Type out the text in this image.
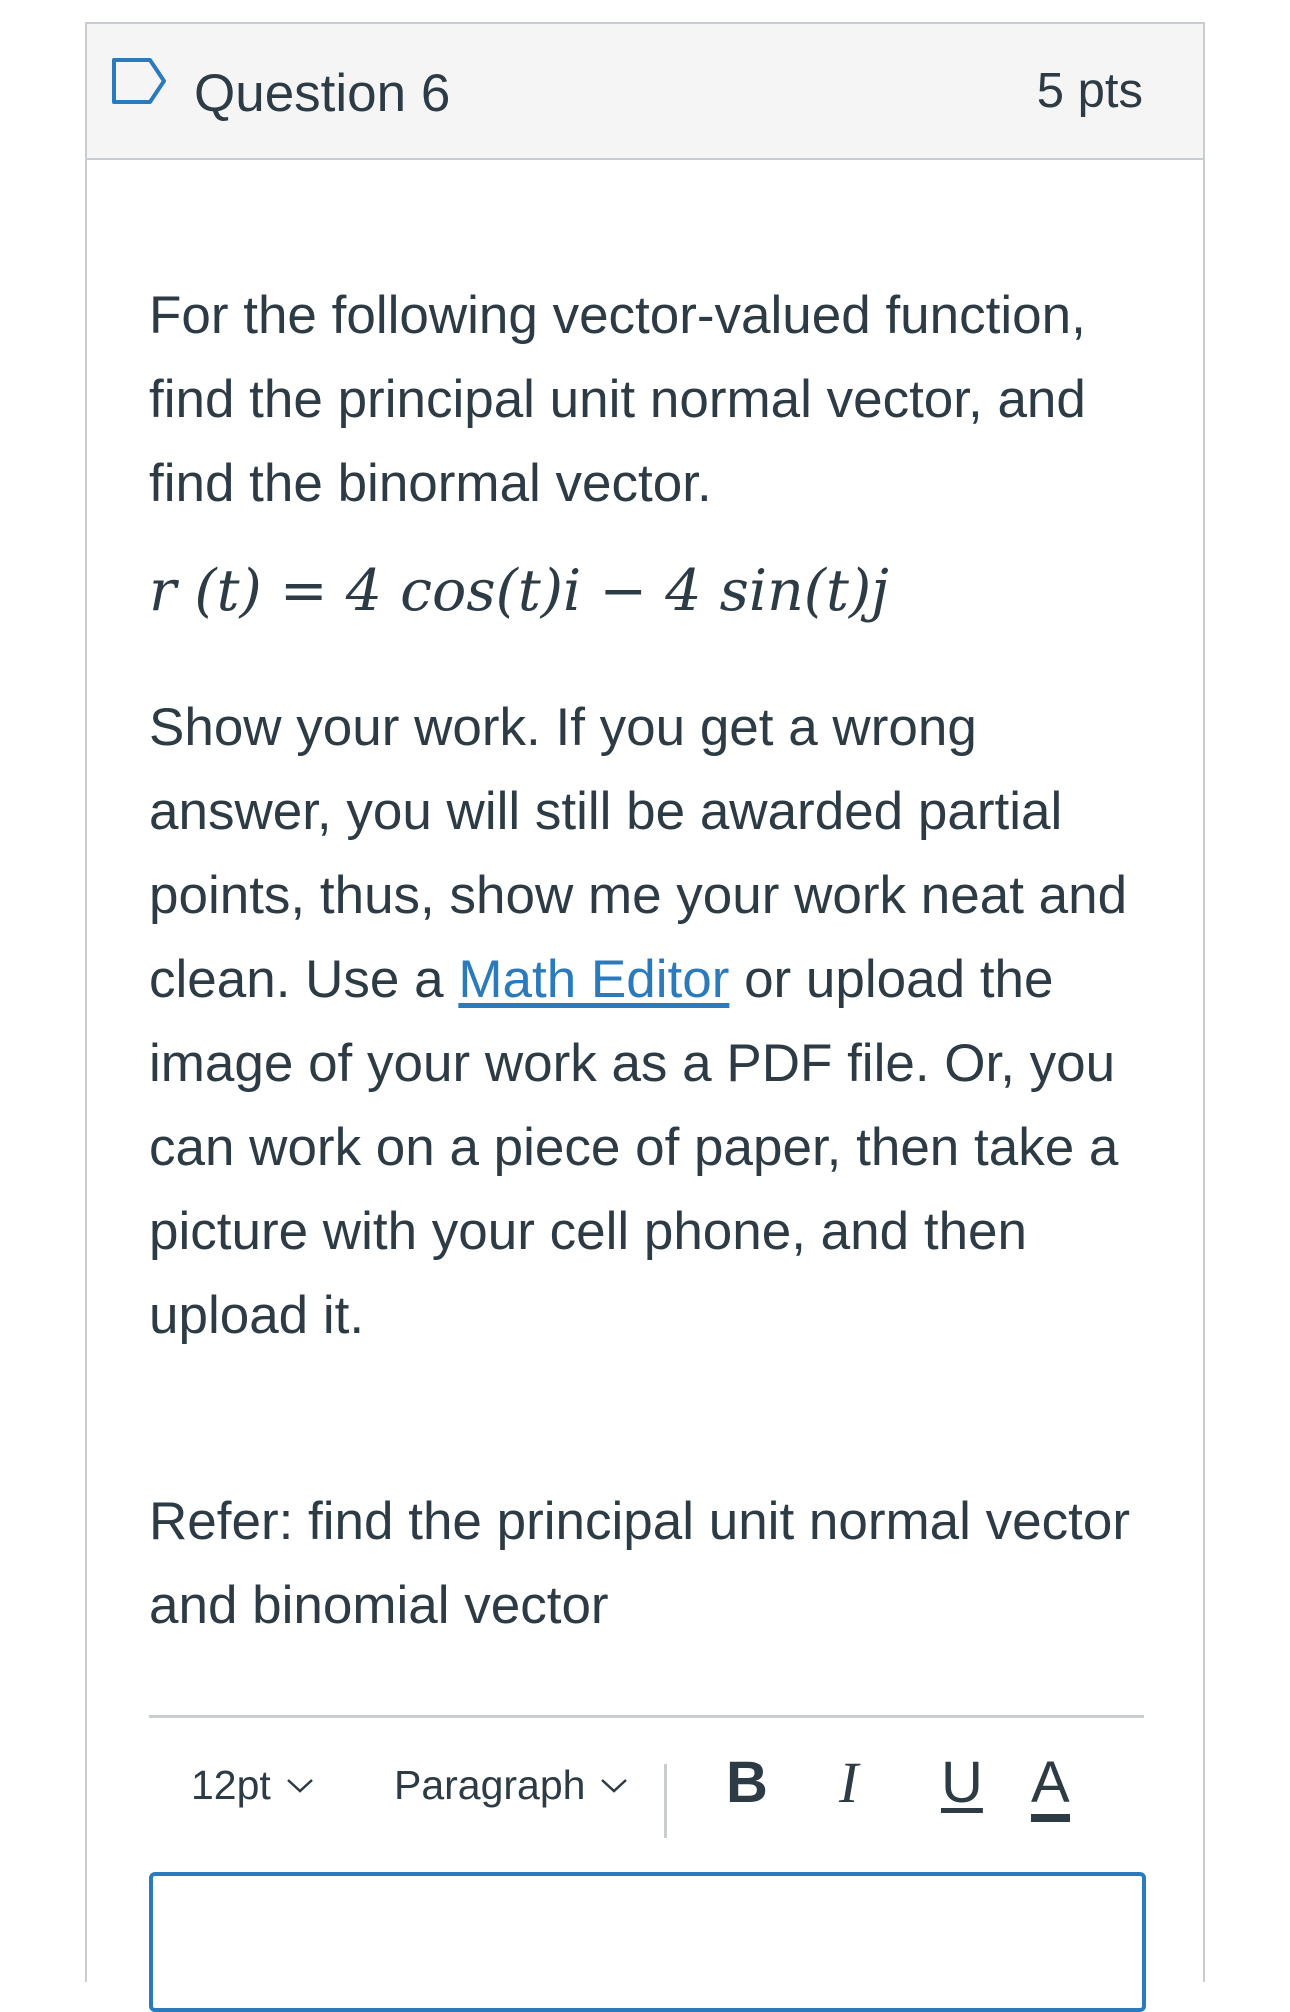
Question 6	5 pts

For the following vector-valued function, find the principal unit normal vector, and find the binormal vector.

r (t) = 4 cos(t)i − 4 sin(t)j

Show your work. If you get a wrong answer, you will still be awarded partial points, thus, show me your work neat and clean. Use a Math Editor or upload the image of your work as a PDF file. Or, you can work on a piece of paper, then take a picture with your cell phone, and then upload it.

Refer: find the principal unit normal vector and binomial vector

12pt	Paragraph B I U A
